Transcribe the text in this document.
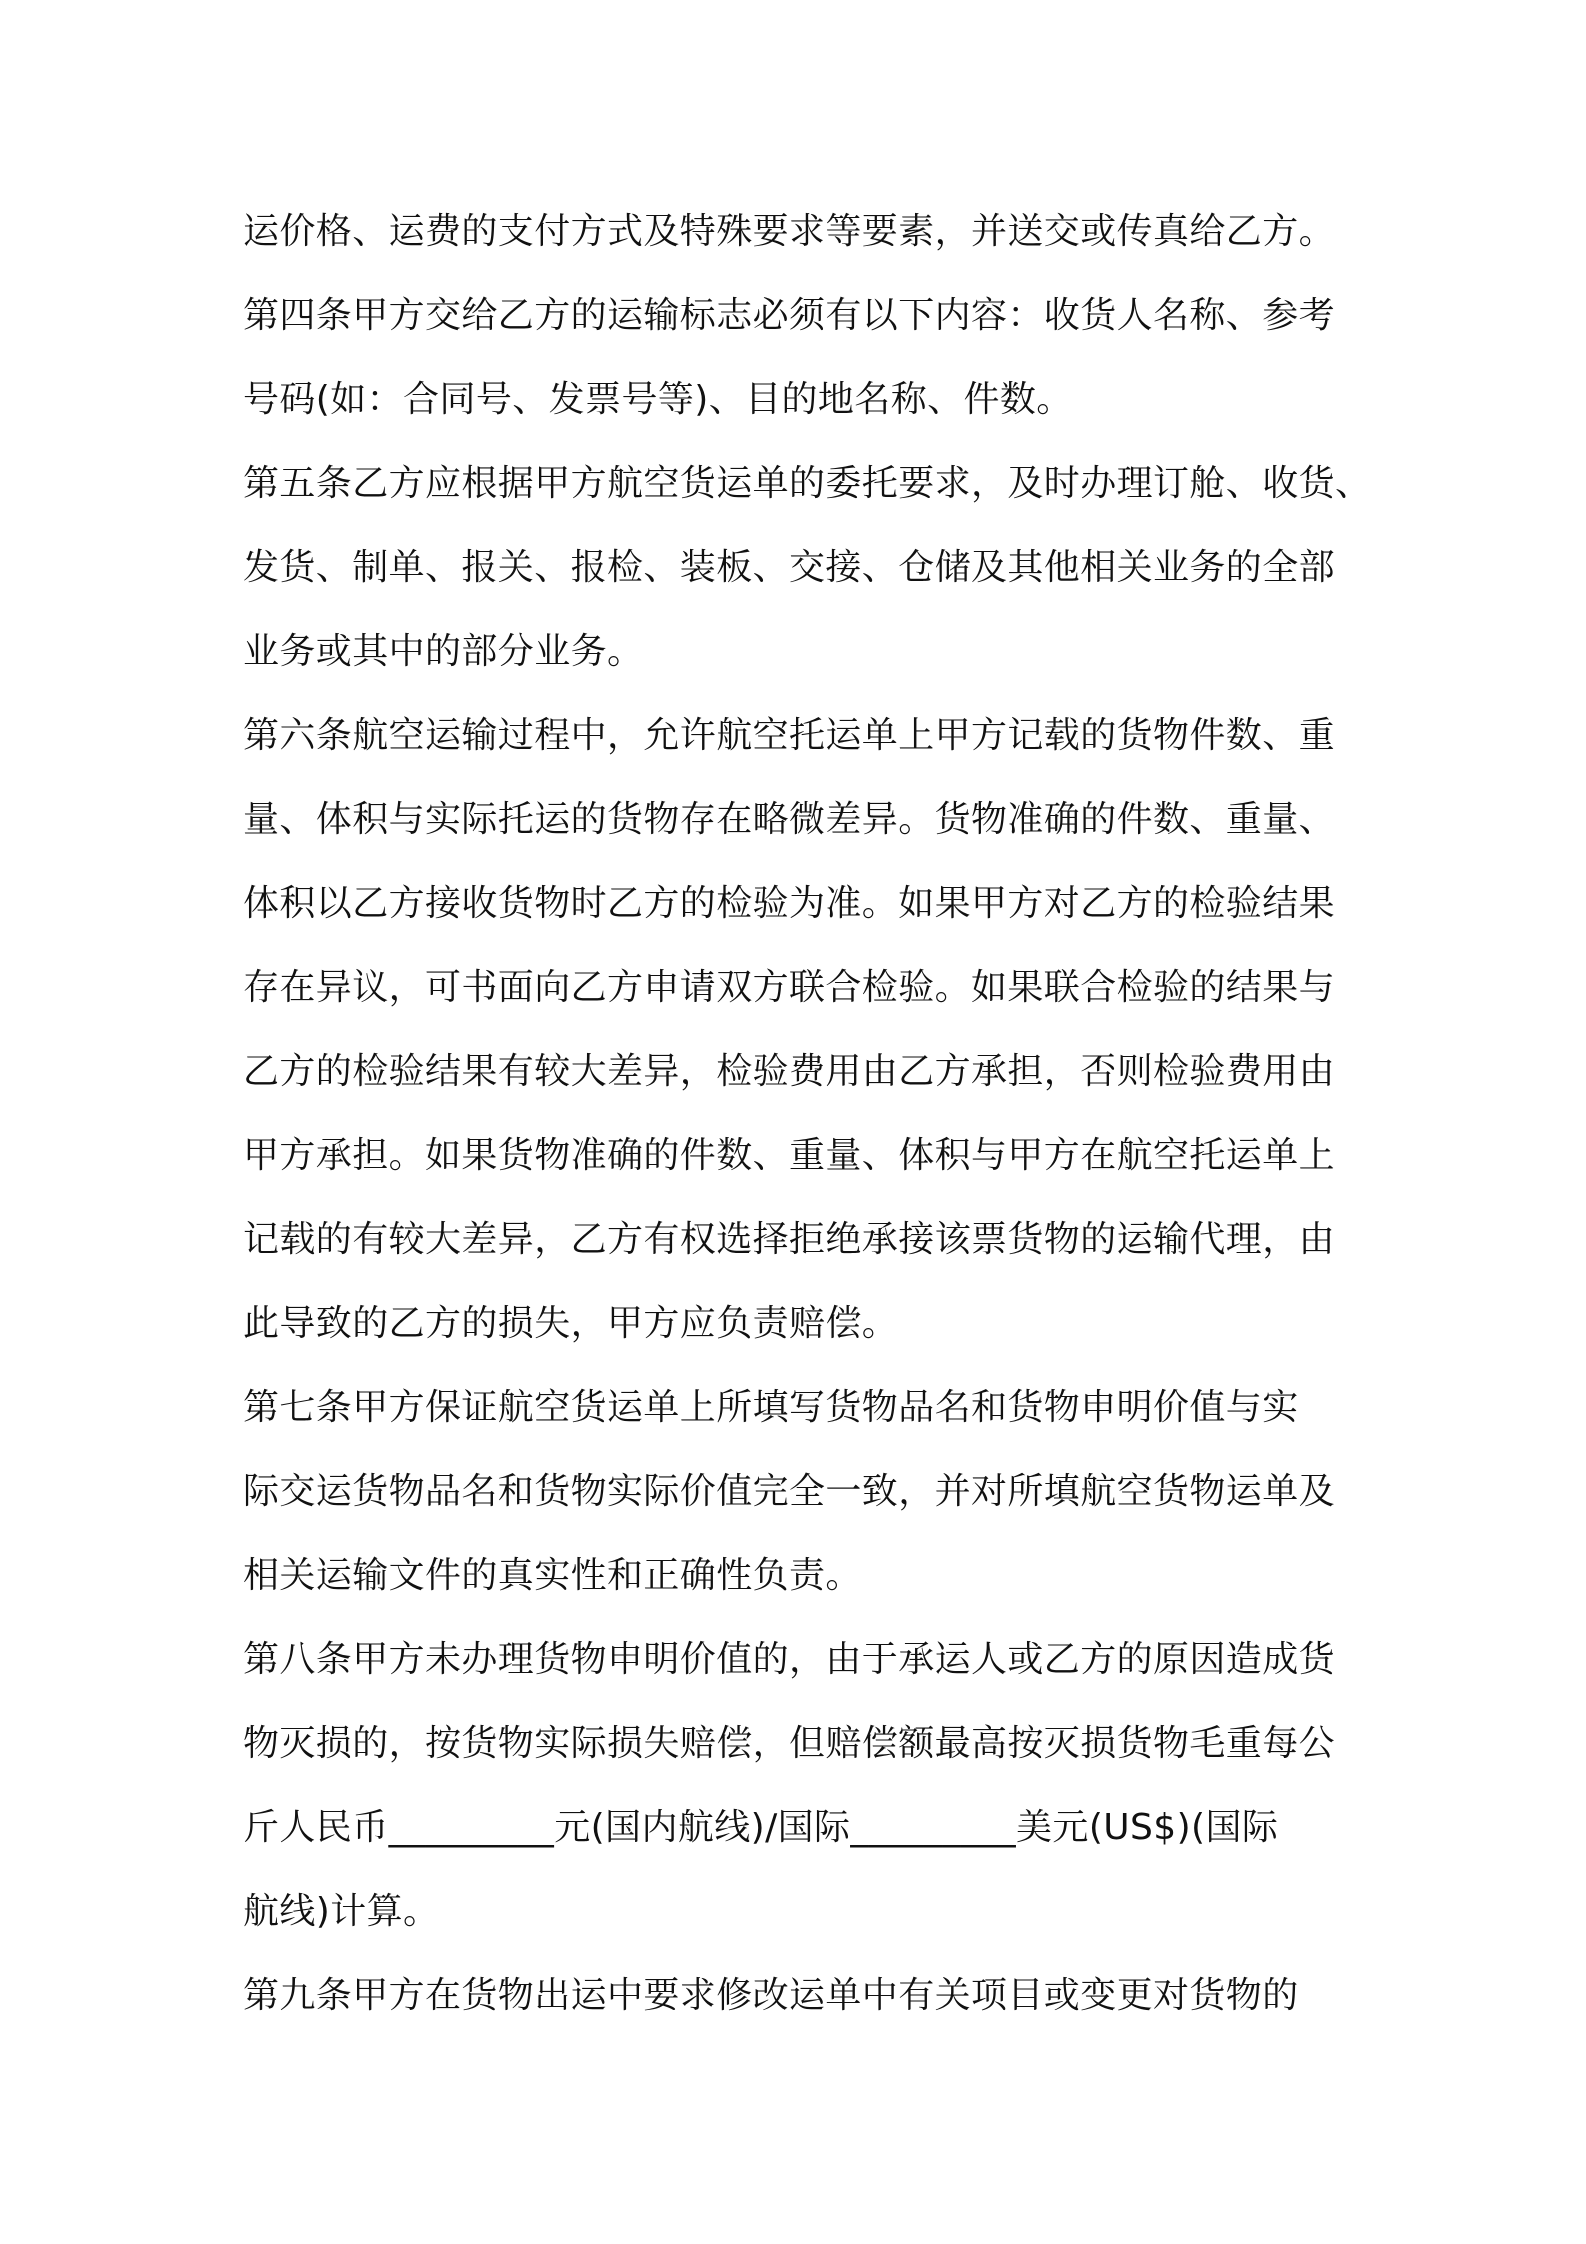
运价格、运费的支付方式及特殊要求等要素，并送交或传真给乙方。
第四条甲方交给乙方的运输标志必须有以下内容：收货人名称、参考
号码(如：合同号、发票号等)、目的地名称、件数。
第五条乙方应根据甲方航空货运单的委托要求，及时办理订舱、收货、
发货、制单、报关、报检、装板、交接、仓储及其他相关业务的全部
业务或其中的部分业务。
第六条航空运输过程中，允许航空托运单上甲方记载的货物件数、重
量、体积与实际托运的货物存在略微差异。货物准确的件数、重量、
体积以乙方接收货物时乙方的检验为准。如果甲方对乙方的检验结果
存在异议，可书面向乙方申请双方联合检验。如果联合检验的结果与
乙方的检验结果有较大差异，检验费用由乙方承担，否则检验费用由
甲方承担。如果货物准确的件数、重量、体积与甲方在航空托运单上
记载的有较大差异，乙方有权选择拒绝承接该票货物的运输代理，由
此导致的乙方的损失，甲方应负责赔偿。
第七条甲方保证航空货运单上所填写货物品名和货物申明价值与实
际交运货物品名和货物实际价值完全一致，并对所填航空货物运单及
相关运输文件的真实性和正确性负责。
第八条甲方未办理货物申明价值的，由于承运人或乙方的原因造成货
物灭损的，按货物实际损失赔偿，但赔偿额最高按灭损货物毛重每公
斤人民币_________元(国内航线)/国际_________美元(US$)(国际
航线)计算。
第九条甲方在货物出运中要求修改运单中有关项目或变更对货物的
